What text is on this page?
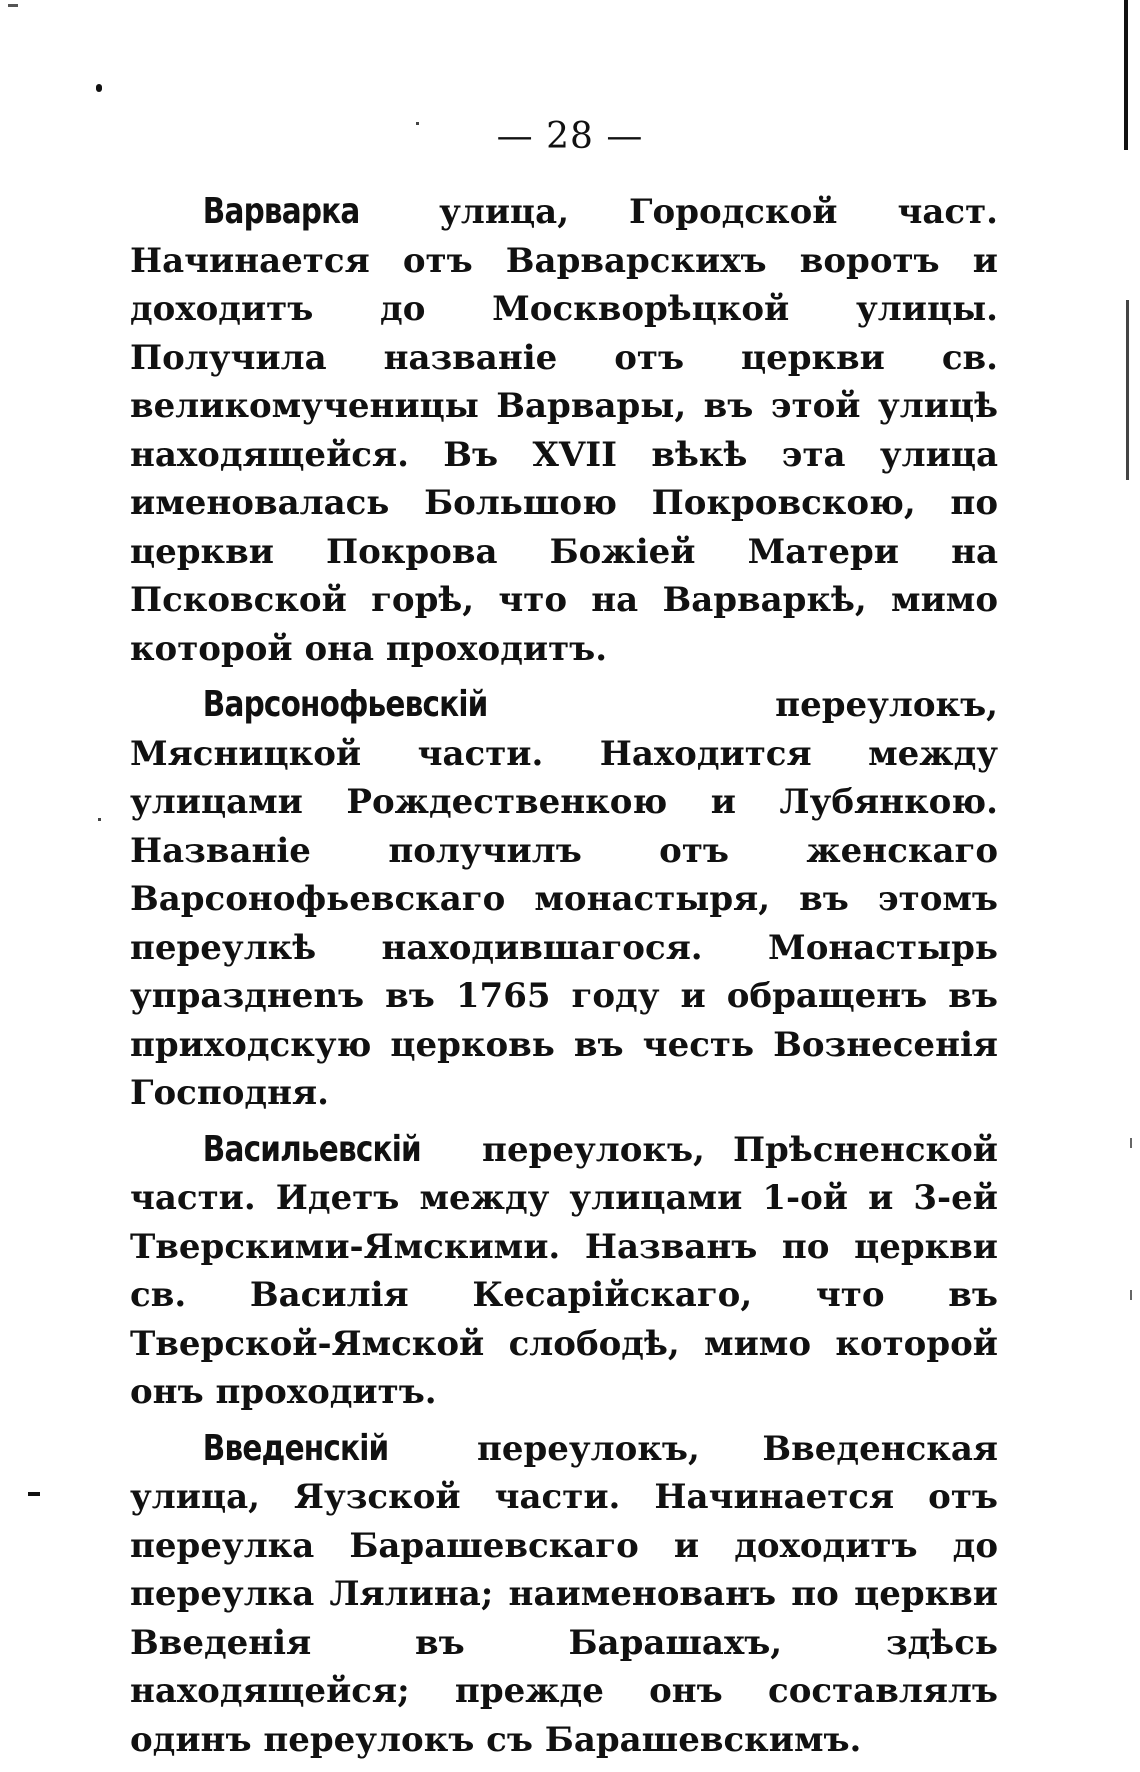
— 28 —

Варварка улица, Городской част. Начинается отъ Варварскихъ воротъ и доходитъ до Москворѣцкой улицы. Получила названіе отъ церкви св. великомученицы Варвары, въ этой улицѣ находящейся. Въ XVII вѣкѣ эта улица именовалась Большою Покровскою, по церкви Покрова Божіей Матери на Псковской горѣ, что на Варваркѣ, мимо которой она проходитъ.

Варсонофьевскій переулокъ, Мясницкой части. Находится между улицами Рождественкою и Лубянкою. Названіе получилъ отъ женскаго Варсонофьевскаго монастыря, въ этомъ переулкѣ находившагося. Монастырь упразднenъ въ 1765 году и обращенъ въ приходскую церковь въ честь Вознесенія Господня.

Васильевскій переулокъ, Прѣсненской части. Идетъ между улицами 1-ой и 3-ей Тверскими-Ямскими. Названъ по церкви св. Василія Кесарійскаго, что въ Тверской-Ямской слободѣ, мимо которой онъ проходитъ.

Введенскій переулокъ, Введенская улица, Яузской части. Начинается отъ переулка Барашевскаго и доходитъ до переулка Лялина; наименованъ по церкви Введенія въ Барашахъ, здѣсь находящейся; прежде онъ составлялъ одинъ переулокъ съ Барашевскимъ.
